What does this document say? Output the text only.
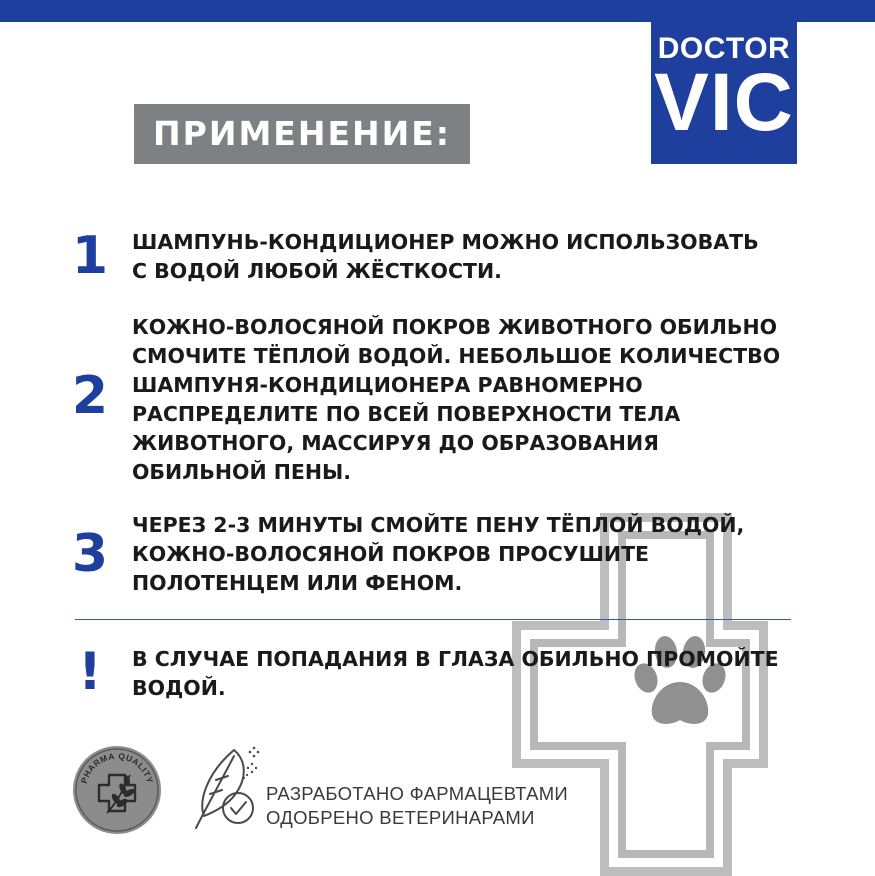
DOCTOR
VIC
ПРИМЕНЕНИЕ:
1	ШАМПУНЬ-КОНДИЦИОНЕР МОЖНО ИСПОЛЬЗОВАТЬ
С ВОДОЙ ЛЮБОЙ ЖЁСТКОСТИ.

2

КОЖНО-ВОЛОСЯНОЙ ПОКРОВ ЖИВОТНОГО ОБИЛЬНО
СМОЧИТЕ ТЁПЛОЙ ВОДОЙ. НЕБОЛЬШОЕ КОЛИЧЕСТВО
ШАМПУНЯ-КОНДИЦИОНЕРА РАВНОМЕРНО
РАСПРЕДЕЛИТЕ ПО ВСЕЙ ПОВЕРХНОСТИ ТЕЛА
ЖИВОТНОГО, МАССИРУЯ ДО ОБРАЗОВАНИЯ
ОБИЛЬНОЙ ПЕНЫ.

3	ЧЕРЕЗ 2-3 МИНУТЫ СМОЙТЕ ПЕНУ ТЁПЛОЙ ВОДОЙ,
КОЖНО-ВОЛОСЯНОЙ ПОКРОВ ПРОСУШИТЕ
ПОЛОТЕНЦЕМ ИЛИ ФЕНОМ.

!	В СЛУЧАЕ ПОПАДАНИЯ В ГЛАЗА ОБИЛЬНО ПРОМОЙТЕ
ВОДОЙ.

PHARMA QUALITY
РАЗРАБОТАНО ФАРМАЦЕВТАМИ
ОДОБРЕНО ВЕТЕРИНАРАМИ
